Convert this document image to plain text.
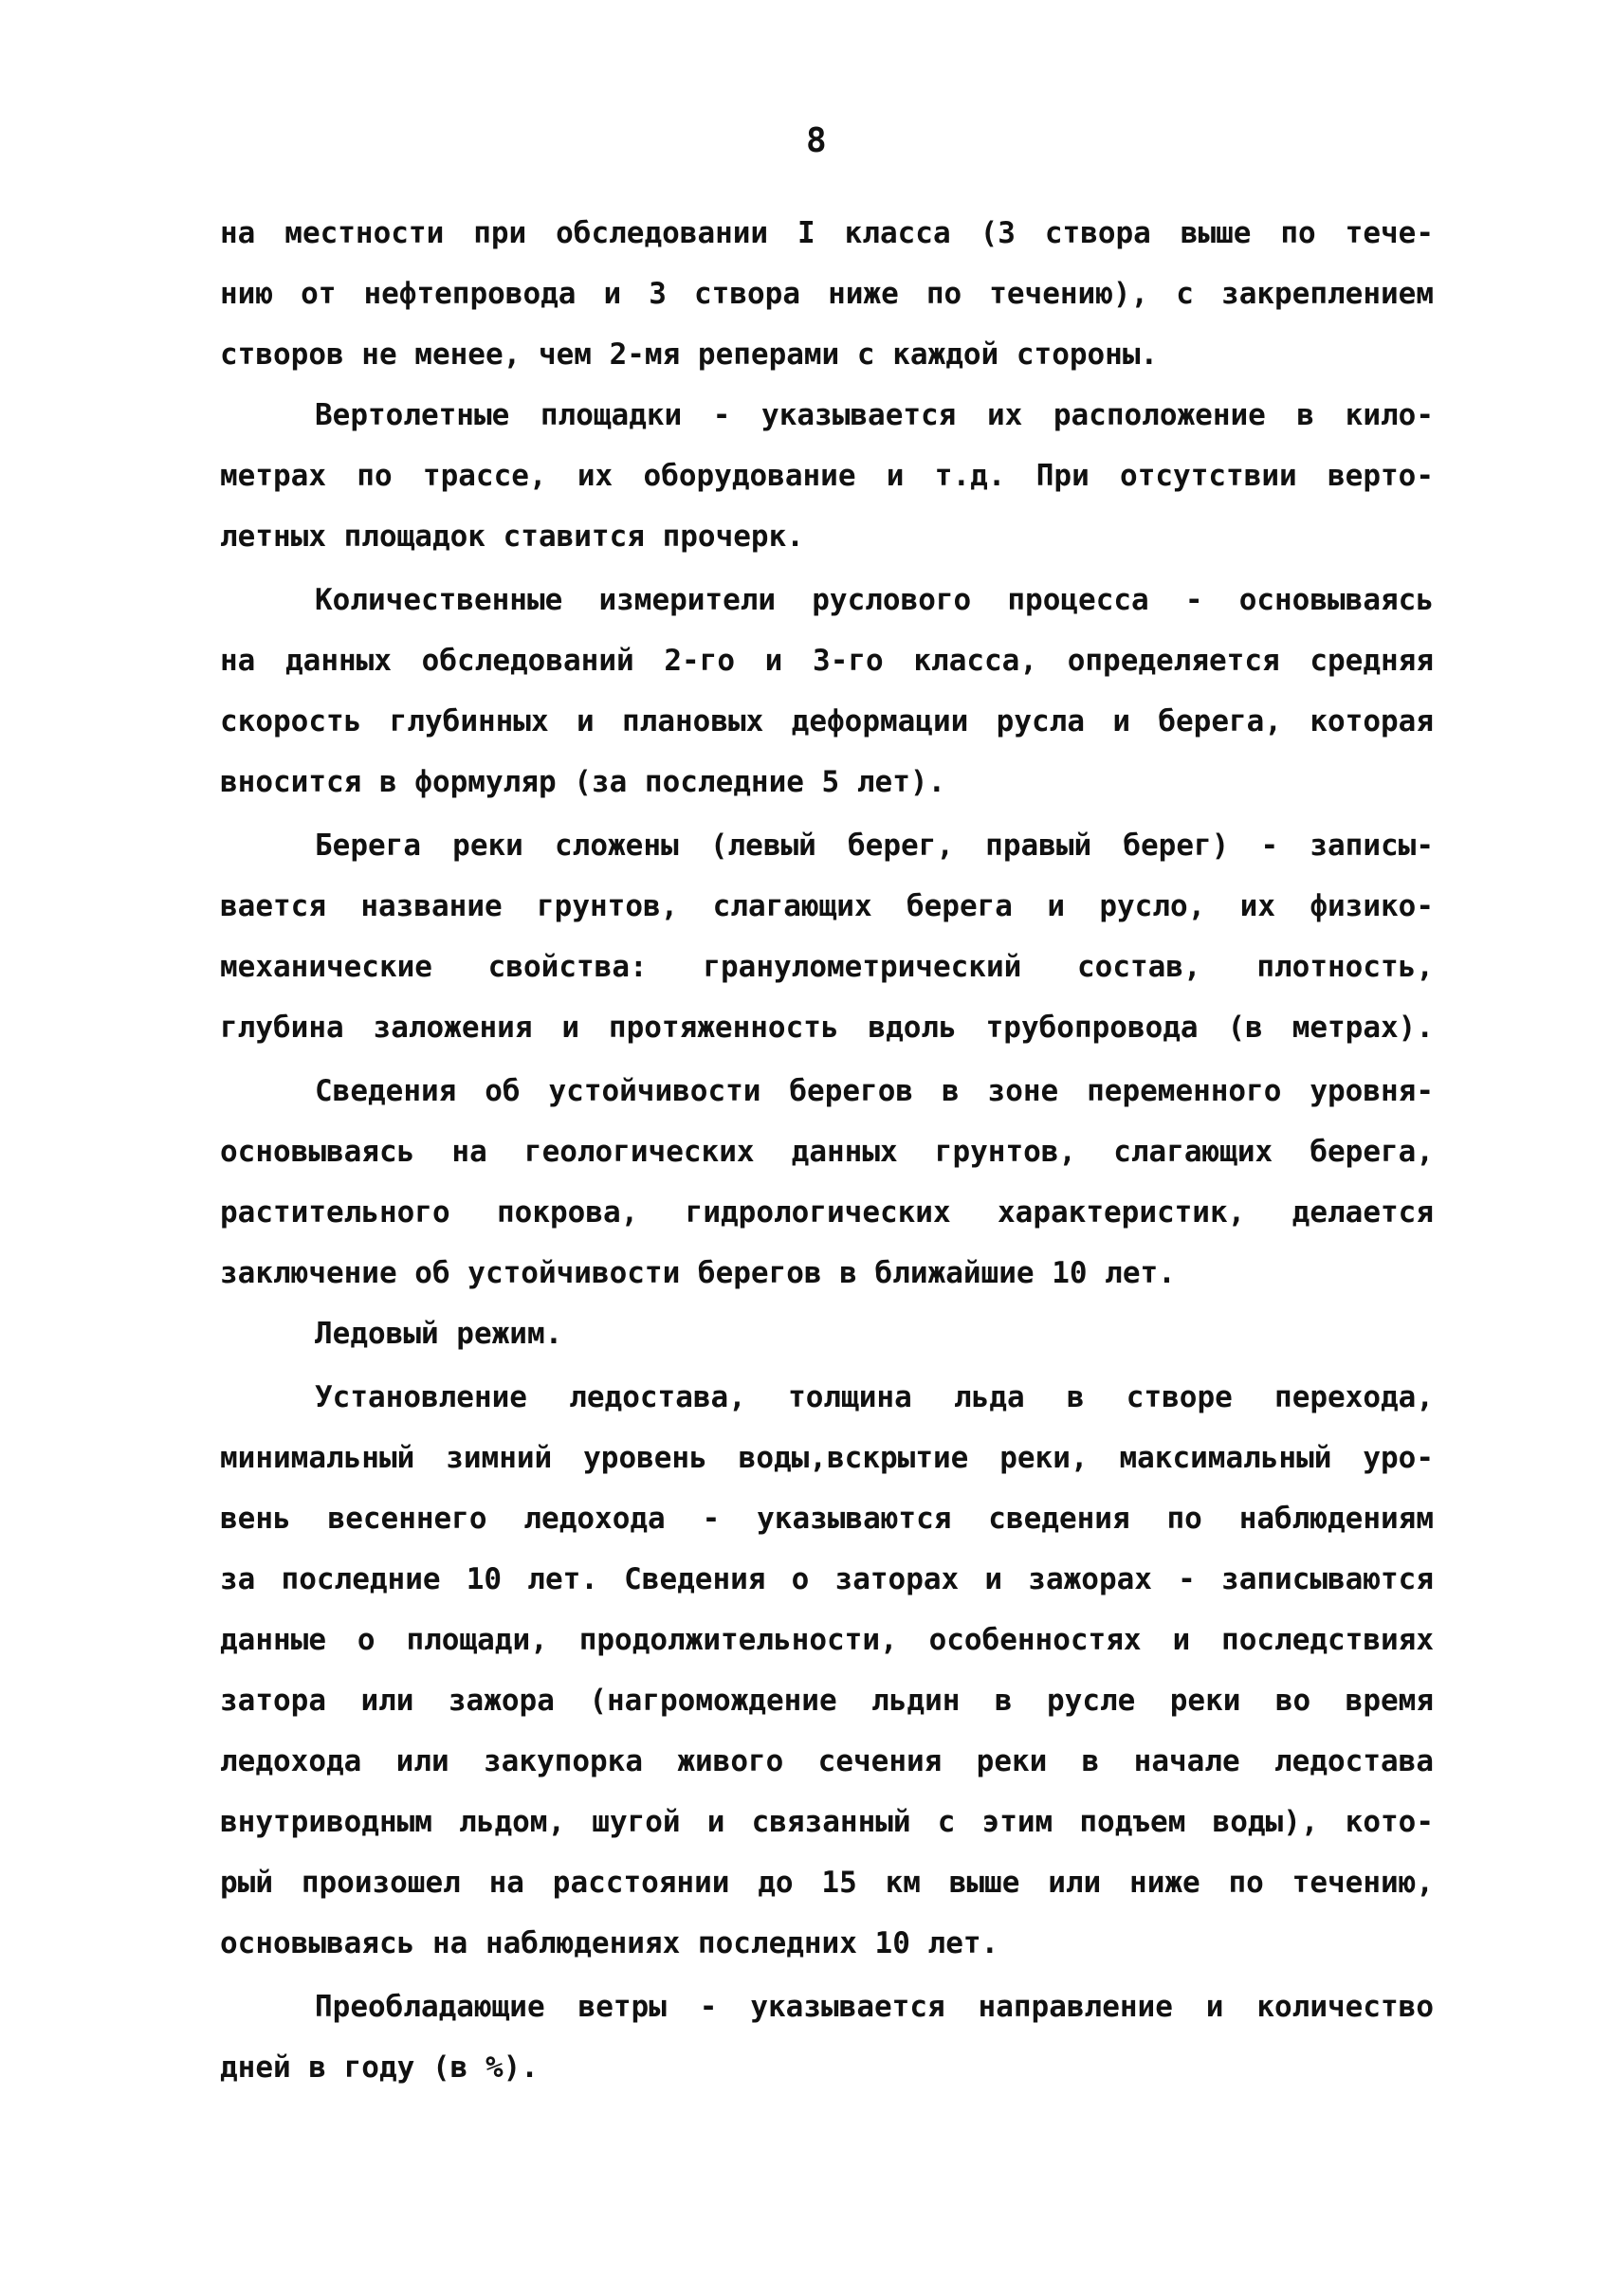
8
на местности при обследовании I класса (3 створа выше по тече-
нию от нефтепровода и 3 створа ниже по течению), с закреплением
створов не менее, чем 2-мя реперами с каждой стороны.
Вертолетные площадки - указывается их расположение в кило-
метрах по трассе, их оборудование и т.д. При отсутствии верто-
летных площадок ставится прочерк.
Количественные измерители руслового процесса - основываясь
на данных обследований 2-го и 3-го класса, определяется средняя
скорость глубинных и плановых деформации русла и берега, которая
вносится в формуляр (за последние 5 лет).
Берега реки сложены (левый берег, правый берег) - записы-
вается название грунтов, слагающих берега и русло, их физико-
механические свойства: гранулометрический состав, плотность,
глубина заложения и протяженность вдоль трубопровода (в метрах).
Сведения об устойчивости берегов в зоне переменного уровня-
основываясь на геологических данных грунтов, слагающих берега,
растительного покрова, гидрологических характеристик, делается
заключение об устойчивости берегов в ближайшие 10 лет.
Ледовый режим.
Установление ледостава, толщина льда в створе перехода,
минимальный зимний уровень воды,вскрытие реки, максимальный уро-
вень весеннего ледохода - указываются сведения по наблюдениям
за последние 10 лет. Сведения о заторах и зажорах - записываются
данные о площади, продолжительности, особенностях и последствиях
затора или зажора (нагромождение льдин в русле реки во время
ледохода или закупорка живого сечения реки в начале ледостава
внутриводным льдом, шугой и связанный с этим подъем воды), кото-
рый произошел на расстоянии до 15 км выше или ниже по течению,
основываясь на наблюдениях последних 10 лет.
Преобладающие ветры - указывается направление и количество
дней в году (в %).
